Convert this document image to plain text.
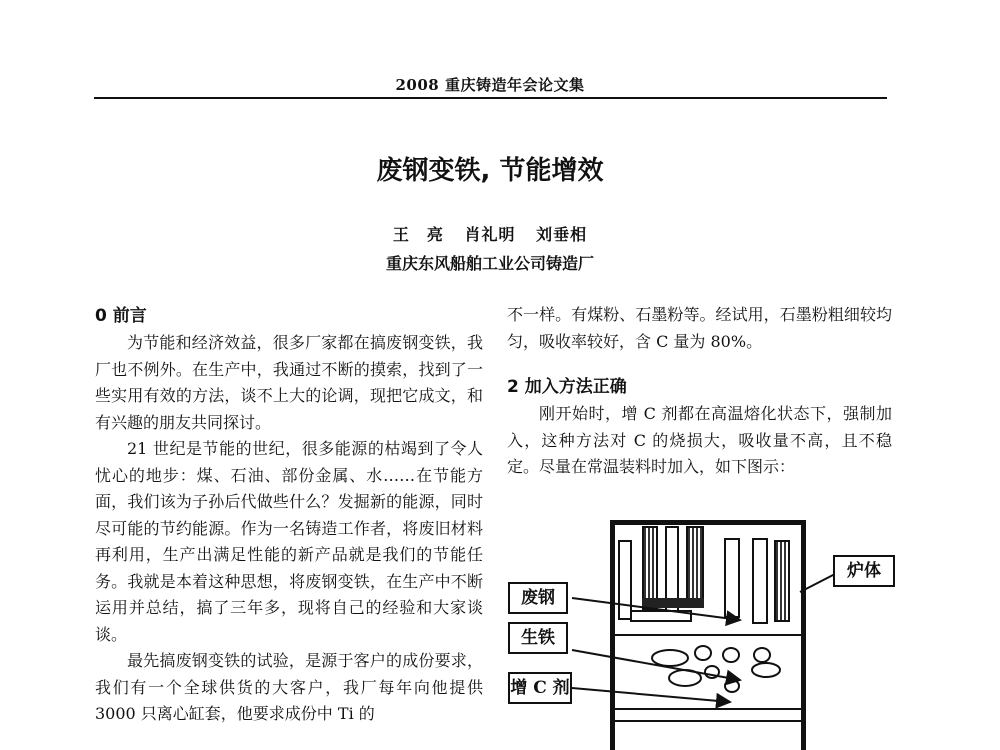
2008 重庆铸造年会论文集
废钢变铁, 节能增效
王　亮 肖礼明 刘垂相
重庆东风船舶工业公司铸造厂
0 前言

为节能和经济效益，很多厂家都在搞废钢变铁，我厂也不例外。在生产中，我通过不断的摸索，找到了一些实用有效的方法，谈不上大的论调，现把它成文，和有兴趣的朋友共同探讨。

21 世纪是节能的世纪，很多能源的枯竭到了令人忧心的地步：煤、石油、部份金属、水……在节能方面，我们该为子孙后代做些什么？发掘新的能源，同时尽可能的节约能源。作为一名铸造工作者，将废旧材料再利用，生产出满足性能的新产品就是我们的节能任务。我就是本着这种思想，将废钢变铁，在生产中不断运用并总结，搞了三年多，现将自己的经验和大家谈谈。

最先搞废钢变铁的试验，是源于客户的成份要求，我们有一个全球供货的大客户，我厂每年向他提供 3000 只离心缸套，他要求成份中 Ti 的

不一样。有煤粉、石墨粉等。经试用，石墨粉粗细较均匀，吸收率较好，含 C 量为 80%。

2 加入方法正确

刚开始时，增 C 剂都在高温熔化状态下，强制加入，这种方法对 C 的烧损大，吸收量不高，且不稳定。尽量在常温装料时加入，如下图示：

炉体
废钢
生铁
增 C 剂
